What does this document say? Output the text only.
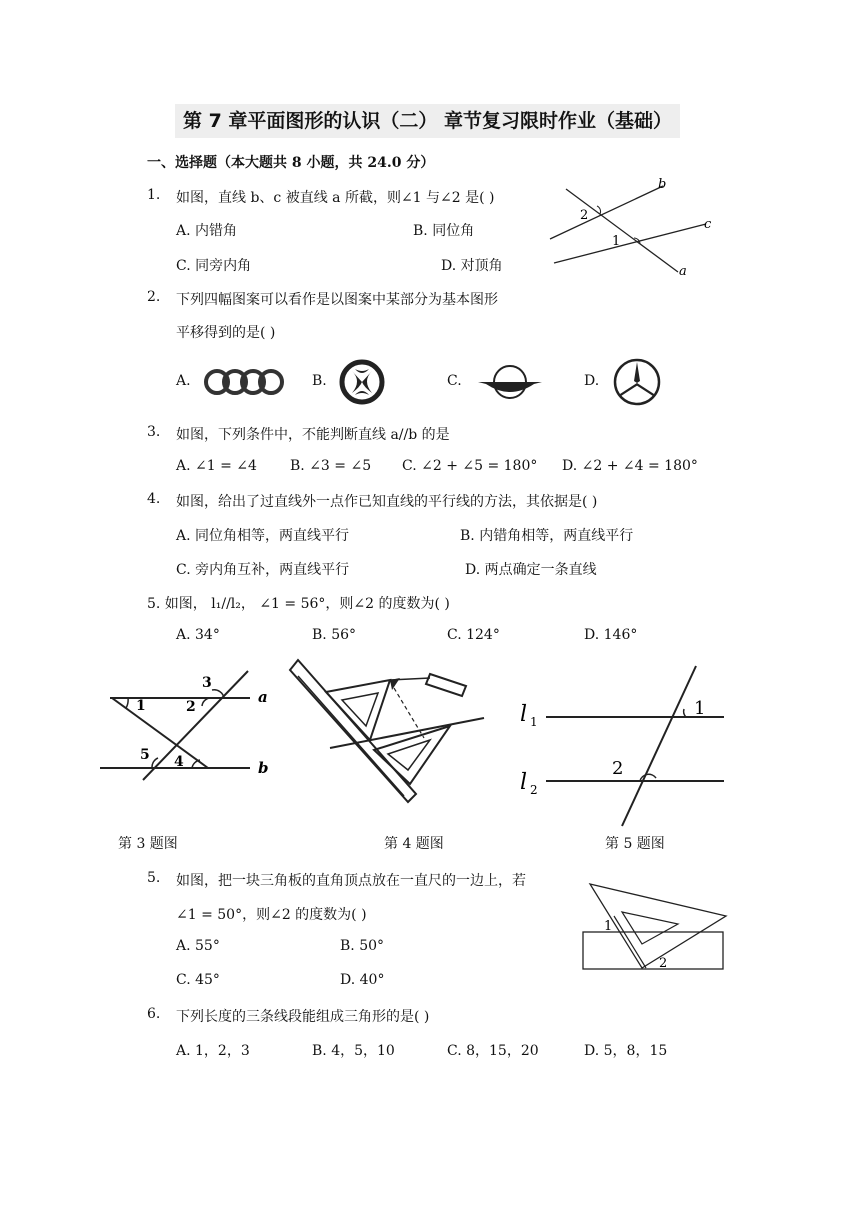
第 7 章平面图形的认识（二） 章节复习限时作业（基础）
一、选择题（本大题共 8 小题，共 24.0 分）
1. 如图，直线 b、c 被直线 a 所截，则∠1 与∠2 是( )
A. 内错角	B. 同位角
C. 同旁内角	D. 对顶角
2
1
b
c
a
2. 下列四幅图案可以看作是以图案中某部分为基本图形
平移得到的是( )
A.	B.	C.	D.
3. 如图，下列条件中，不能判断直线 a//b 的是
A. ∠1 = ∠4 B. ∠3 = ∠5 C. ∠2 + ∠5 = 180° D. ∠2 + ∠4 = 180°
4. 如图，给出了过直线外一点作已知直线的平行线的方法，其依据是( )
A. 同位角相等，两直线平行	B. 内错角相等，两直线平行
C. 旁内角互补，两直线平行	D. 两点确定一条直线
5. 如图， l₁//l₂， ∠1 = 56°，则∠2 的度数为( )
A. 34°	B. 56°	C. 124°	D. 146°
1	2
3
4
5
a
b
第 3 题图	第 4 题图
l 1
l 2
1
2
第 5 题图
5. 如图，把一块三角板的直角顶点放在一直尺的一边上，若
∠1 = 50°，则∠2 的度数为( )
A. 55°	B. 50°
C. 45°	D. 40°
1
2
6. 下列长度的三条线段能组成三角形的是( )
A. 1，2，3	B. 4，5，10	C. 8，15，20	D. 5，8，15
